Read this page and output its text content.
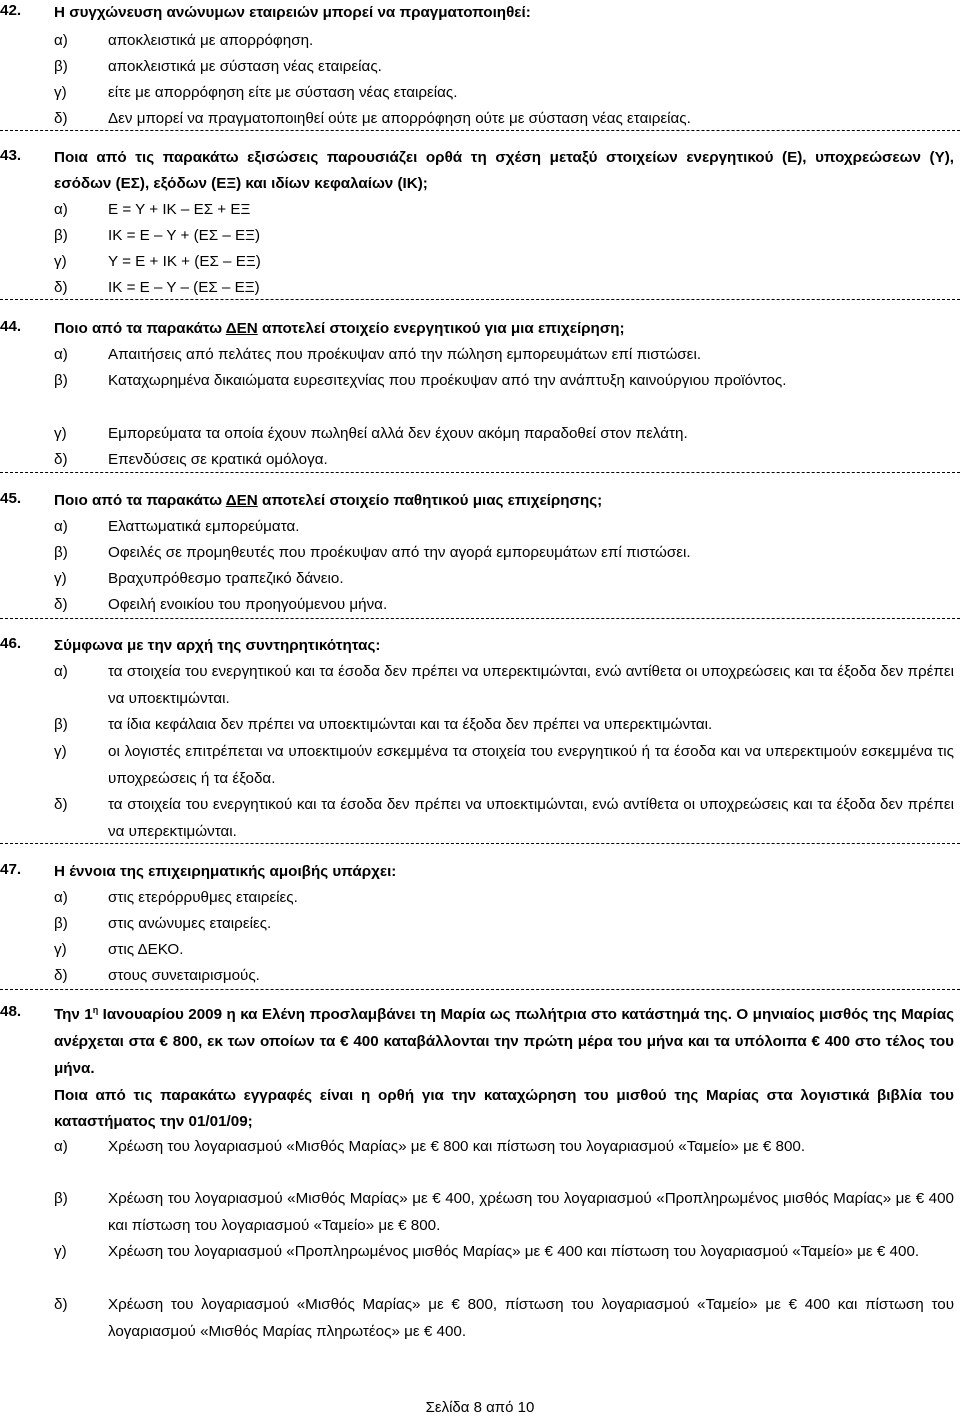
42. Η συγχώνευση ανώνυμων εταιρειών μπορεί να πραγματοποιηθεί:
α)	αποκλειστικά με απορρόφηση.
β)	αποκλειστικά με σύσταση νέας εταιρείας.
γ)	είτε με απορρόφηση είτε με σύσταση νέας εταιρείας.
δ)	Δεν μπορεί να πραγματοποιηθεί ούτε με απορρόφηση ούτε με σύσταση νέας εταιρείας.
43. Ποια από τις παρακάτω εξισώσεις παρουσιάζει ορθά τη σχέση μεταξύ στοιχείων ενεργητικού (Ε), υποχρεώσεων (Υ), εσόδων (ΕΣ), εξόδων (ΕΞ) και ιδίων κεφαλαίων (ΙΚ);
α)	Ε = Υ + ΙΚ – ΕΣ + ΕΞ
β)	ΙΚ = Ε – Υ + (ΕΣ – ΕΞ)
γ)	Υ = Ε + ΙΚ + (ΕΣ – ΕΞ)
δ)	ΙΚ = Ε – Υ – (ΕΣ – ΕΞ)
44. Ποιο από τα παρακάτω ΔΕΝ αποτελεί στοιχείο ενεργητικού για μια επιχείρηση;
α)	Απαιτήσεις από πελάτες που προέκυψαν από την πώληση εμπορευμάτων επί πιστώσει.
β)	Καταχωρημένα δικαιώματα ευρεσιτεχνίας που προέκυψαν από την ανάπτυξη καινούργιου προϊόντος.
γ)	Εμπορεύματα τα οποία έχουν πωληθεί αλλά δεν έχουν ακόμη παραδοθεί στον πελάτη.
δ)	Επενδύσεις σε κρατικά ομόλογα.
45. Ποιο από τα παρακάτω ΔΕΝ αποτελεί στοιχείο παθητικού μιας επιχείρησης;
α)	Ελαττωματικά εμπορεύματα.
β)	Οφειλές σε προμηθευτές που προέκυψαν από την αγορά εμπορευμάτων επί πιστώσει.
γ)	Βραχυπρόθεσμο τραπεζικό δάνειο.
δ)	Οφειλή ενοικίου του προηγούμενου μήνα.
46. Σύμφωνα με την αρχή της συντηρητικότητας:
α)	τα στοιχεία του ενεργητικού και τα έσοδα δεν πρέπει να υπερεκτιμώνται, ενώ αντίθετα οι υποχρεώσεις και τα έξοδα δεν πρέπει να υποεκτιμώνται.
β)	τα ίδια κεφάλαια δεν πρέπει να υποεκτιμώνται και τα έξοδα δεν πρέπει να υπερεκτιμώνται.
γ)	οι λογιστές επιτρέπεται να υποεκτιμούν εσκεμμένα τα στοιχεία του ενεργητικού ή τα έσοδα και να υπερεκτιμούν εσκεμμένα τις υποχρεώσεις ή τα έξοδα.
δ)	τα στοιχεία του ενεργητικού και τα έσοδα δεν πρέπει να υποεκτιμώνται, ενώ αντίθετα οι υποχρεώσεις και τα έξοδα δεν πρέπει να υπερεκτιμώνται.
47. Η έννοια της επιχειρηματικής αμοιβής υπάρχει:
α)	στις ετερόρρυθμες εταιρείες.
β)	στις ανώνυμες εταιρείες.
γ)	στις ΔΕΚΟ.
δ)	στους συνεταιρισμούς.
48. Την $1^\eta$ Ιανουαρίου 2009 η κα Ελένη προσλαμβάνει τη Μαρία ως πωλήτρια στο κατάστημά της. Ο μηνιαίος μισθός της Μαρίας ανέρχεται στα € 800, εκ των οποίων τα € 400 καταβάλλονται την πρώτη μέρα του μήνα και τα υπόλοιπα € 400 στο τέλος του μήνα.
Ποια από τις παρακάτω εγγραφές είναι η ορθή για την καταχώρηση του μισθού της Μαρίας στα λογιστικά βιβλία του καταστήματος την 01/01/09;
α)	Χρέωση του λογαριασμού «Μισθός Μαρίας» με € 800 και πίστωση του λογαριασμού «Ταμείο» με € 800.
β)	Χρέωση του λογαριασμού «Μισθός Μαρίας» με € 400, χρέωση του λογαριασμού «Προπληρωμένος μισθός Μαρίας» με € 400 και πίστωση του λογαριασμού «Ταμείο» με € 800.
γ)	Χρέωση του λογαριασμού «Προπληρωμένος μισθός Μαρίας» με € 400 και πίστωση του λογαριασμού «Ταμείο» με € 400.
δ)	Χρέωση του λογαριασμού «Μισθός Μαρίας» με € 800, πίστωση του λογαριασμού «Ταμείο» με € 400 και πίστωση του λογαριασμού «Μισθός Μαρίας πληρωτέος» με € 400.
Σελίδα 8 από 10
